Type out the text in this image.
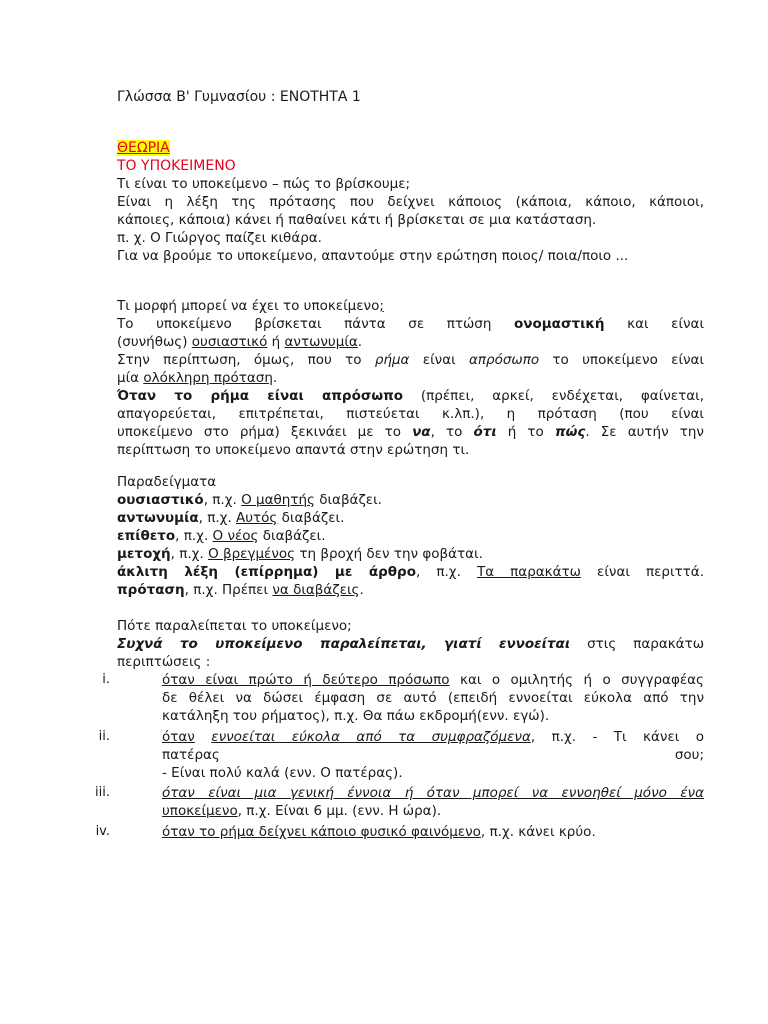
Γλώσσα Β' Γυμνασίου : ΕΝΟΤΗΤΑ 1
ΘΕΩΡΙΑ
ΤΟ ΥΠΟΚΕΙΜΕΝΟ
Τι είναι το υποκείμενο – πώς το βρίσκουμε;
Είναι η λέξη της πρότασης που δείχνει κάποιος (κάποια, κάποιο, κάποιοι,
κάποιες, κάποια) κάνει ή παθαίνει κάτι ή βρίσκεται σε μια κατάσταση.
π. χ. Ο Γιώργος παίζει κιθάρα.
Για να βρούμε το υποκείμενο, απαντούμε στην ερώτηση ποιος/ ποια/ποιο ...
Τι μορφή μπορεί να έχει το υποκείμενο;
Το υποκείμενο βρίσκεται πάντα σε πτώση ονομαστική και είναι
(συνήθως) ουσιαστικό ή αντωνυμία.
Στην περίπτωση, όμως, που το ρήμα είναι απρόσωπο το υποκείμενο είναι
μία ολόκληρη πρόταση.
Όταν το ρήμα είναι απρόσωπο (πρέπει, αρκεί, ενδέχεται, φαίνεται,
απαγορεύεται, επιτρέπεται, πιστεύεται κ.λπ.), η πρόταση (που είναι
υποκείμενο στο ρήμα) ξεκινάει με το να, το ότι ή το πώς. Σε αυτήν την
περίπτωση το υποκείμενο απαντά στην ερώτηση τι.
Παραδείγματα
ουσιαστικό, π.χ. Ο μαθητής διαβάζει.
αντωνυμία, π.χ. Αυτός διαβάζει.
επίθετο, π.χ. Ο νέος διαβάζει.
μετοχή, π.χ. Ο βρεγμένος τη βροχή δεν την φοβάται.
άκλιτη λέξη (επίρρημα) με άρθρο, π.χ. Τα παρακάτω είναι περιττά.
πρόταση, π.χ. Πρέπει να διαβάζεις.
Πότε παραλείπεται το υποκείμενο;
Συχνά το υποκείμενο παραλείπεται, γιατί εννοείται στις παρακάτω
περιπτώσεις :
i.	όταν είναι πρώτο ή δεύτερο πρόσωπο και ο ομιλητής ή ο συγγραφέας
δε θέλει να δώσει έμφαση σε αυτό (επειδή εννοείται εύκολα από την
κατάληξη του ρήματος), π.χ. Θα πάω εκδρομή(ενν. εγώ).
ii.	όταν εννοείται εύκολα από τα συμφραζόμενα, π.χ. - Τι κάνει ο
πατέρας	σου;
- Είναι πολύ καλά (ενν. Ο πατέρας).
iii.	όταν είναι μια γενική έννοια ή όταν μπορεί να εννοηθεί μόνο ένα
υποκείμενο, π.χ. Είναι 6 μμ. (ενν. Η ώρα).
iv.	όταν το ρήμα δείχνει κάποιο φυσικό φαινόμενο, π.χ. κάνει κρύο.
